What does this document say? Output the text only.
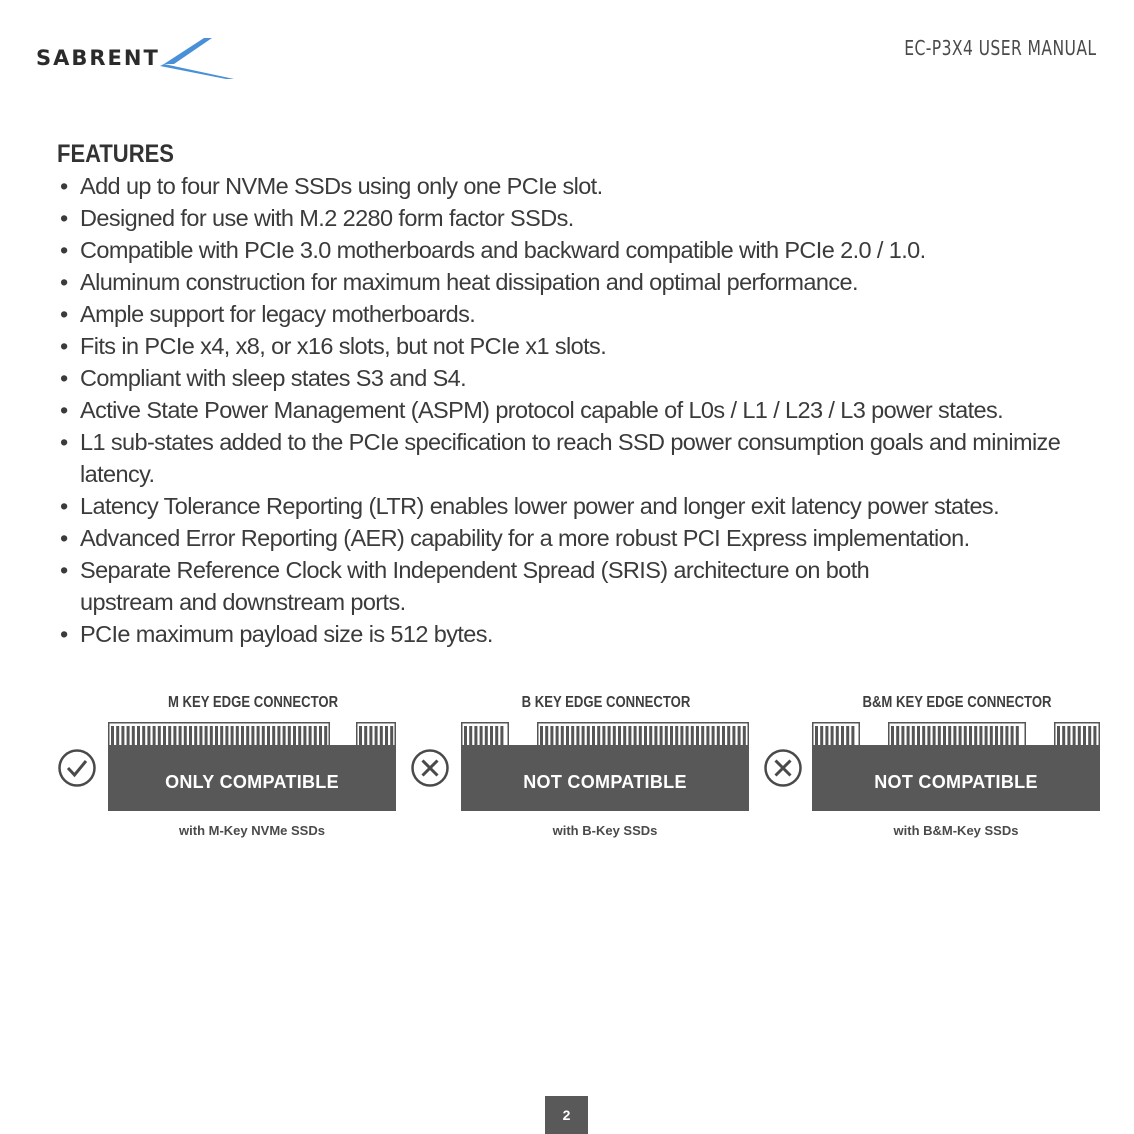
SABRENT	EC-P3X4 USER MANUAL
FEATURES
• Add up to four NVMe SSDs using only one PCIe slot.
• Designed for use with M.2 2280 form factor SSDs.
• Compatible with PCIe 3.0 motherboards and backward compatible with PCIe 2.0 / 1.0.
• Aluminum construction for maximum heat dissipation and optimal performance.
• Ample support for legacy motherboards.
• Fits in PCIe x4, x8, or x16 slots, but not PCIe x1 slots.
• Compliant with sleep states S3 and S4.
• Active State Power Management (ASPM) protocol capable of L0s / L1 / L23 / L3 power states.
• L1 sub-states added to the PCIe specification to reach SSD power consumption goals and minimize latency.
• Latency Tolerance Reporting (LTR) enables lower power and longer exit latency power states.
• Advanced Error Reporting (AER) capability for a more robust PCI Express implementation.
• Separate Reference Clock with Independent Spread (SRIS) architecture on both upstream and downstream ports.
• PCIe maximum payload size is 512 bytes.
M KEY EDGE CONNECTOR
ONLY COMPATIBLE
with M-Key NVMe SSDs
B KEY EDGE CONNECTOR
NOT COMPATIBLE
with B-Key SSDs
B&M KEY EDGE CONNECTOR
NOT COMPATIBLE
with B&M-Key SSDs
2
